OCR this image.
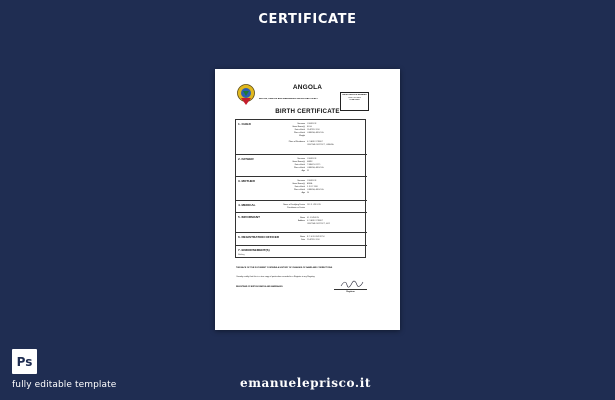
CERTIFICATE
ANGOLA
BIRTHS, DEATHS AND MARRIAGES REGISTRATION ACT
REGISTRATION NUMBER
CERTIFICATE
579871963
BIRTH CERTIFICATE
1. CHILD	Surname JOHNSON
Given Name(s) ELLA
Date of birth 15 APRIL 2010
Place of birth LUANDA, ANGOLA
Weight
Place of Residence 4 CLARK STREET
CENTRAL DISTRICT, LUANDA
2. FATHER	Surname JOHNSON
Given Name(s) MARK
Date of birth 7 MARCH 1975
Place of birth LUANDA, ANGOLA
Age 35
3. MOTHER	Surname JOHNSON
Given Name(s) ANNA
Date of birth 9 JULY 1980
Place of birth LUANDA, ANGOLA
Age 30
4. MEDICAL	Name of Certifying Doctor DR. R. WILSON
Practitioner or Doctor
5. INFORMANT	Name M. JOHNSON
Address 4 CLARK STREET
CENTRAL DISTRICT, 0012
6. REGISTRATION OFFICER	Name B.T. HOLDSWORTH
Date 21 APRIL 2010
7. ENDORSEMENT(S)
Nothing
THE BACK OF THE DOCUMENT CONTAINS A HISTORY OF CHANGES OF NAME AND CORRECTIONS
I hereby certify that this is a true copy of particulars recorded in a Register in my Registry.
REGISTRAR OF BIRTHS DEATHS AND MARRIAGES
Registrar
Ps
fully editable template	emanueleprisco.it
